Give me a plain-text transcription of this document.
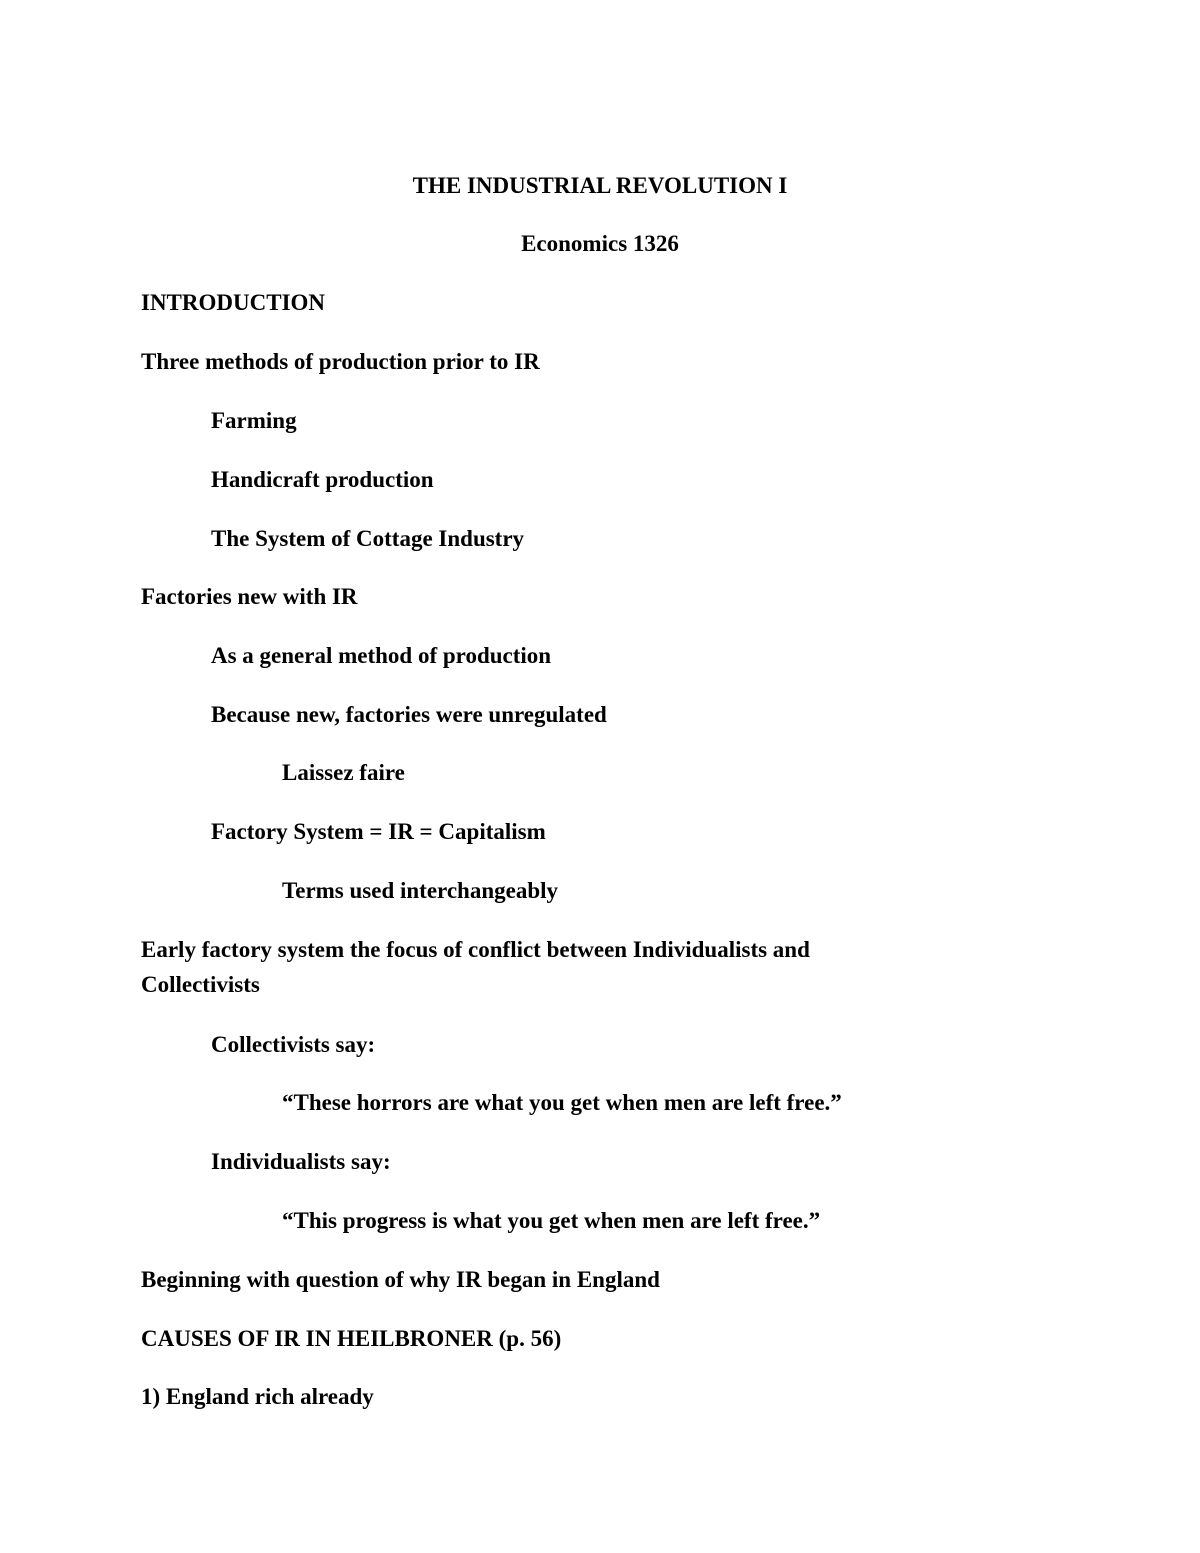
THE INDUSTRIAL REVOLUTION I
Economics 1326
INTRODUCTION
Three methods of production prior to IR
Farming
Handicraft production
The System of Cottage Industry
Factories new with IR
As a general method of production
Because new, factories were unregulated
Laissez faire
Factory System = IR = Capitalism
Terms used interchangeably
Early factory system the focus of conflict between Individualists and
Collectivists
Collectivists say:
“These horrors are what you get when men are left free.”
Individualists say:
“This progress is what you get when men are left free.”
Beginning with question of why IR began in England
CAUSES OF IR IN HEILBRONER (p. 56)
1) England rich already
